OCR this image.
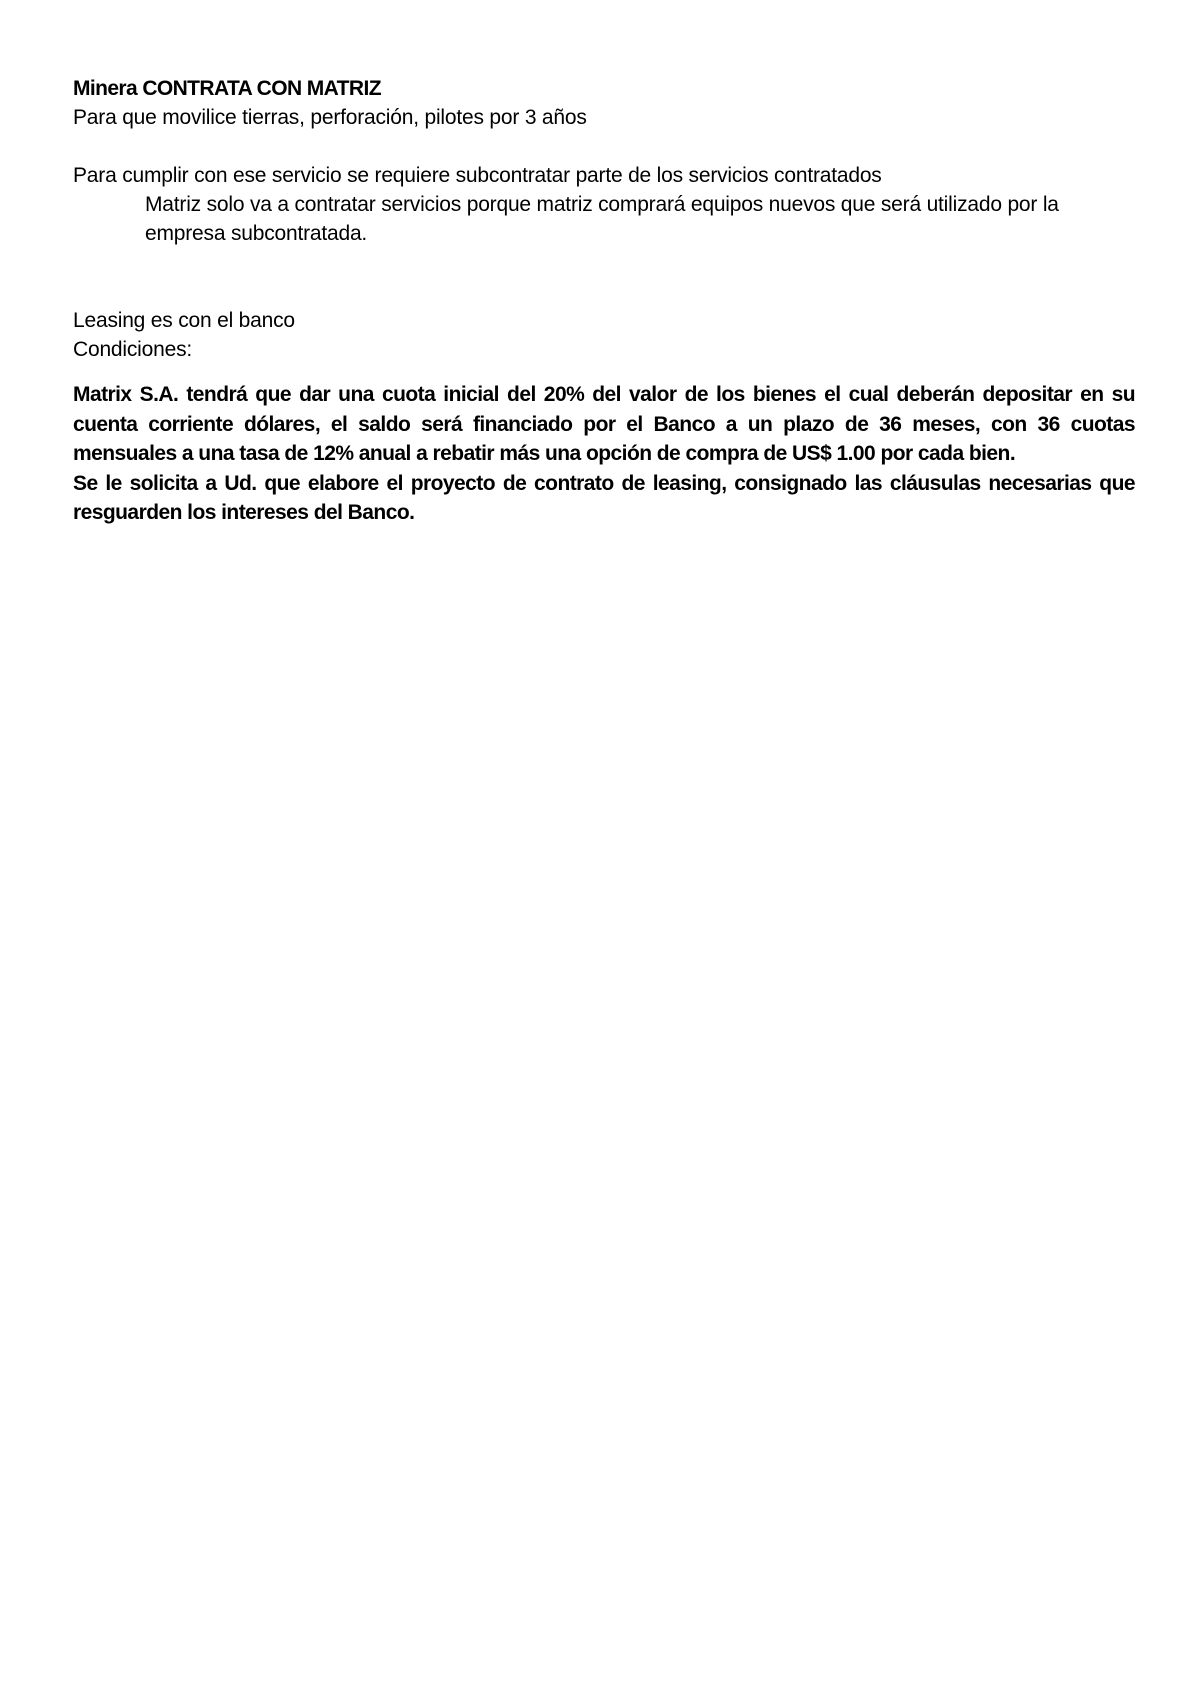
Minera CONTRATA CON MATRIZ

Para que movilice tierras, perforación, pilotes por 3 años

Para cumplir con ese servicio se requiere subcontratar parte de los servicios contratados

Matriz solo va a contratar servicios porque matriz comprará equipos nuevos que será utilizado por la empresa subcontratada.

Leasing es con el banco

Condiciones:

Matrix S.A. tendrá que dar una cuota inicial del 20% del valor de los bienes el cual deberán depositar en su cuenta corriente dólares, el saldo será financiado por el Banco a un plazo de 36 meses, con 36 cuotas mensuales a una tasa de 12% anual a rebatir más una opción de compra de US$ 1.00 por cada bien.

Se le solicita a Ud. que elabore el proyecto de contrato de leasing, consignado las cláusulas necesarias que resguarden los intereses del Banco.
